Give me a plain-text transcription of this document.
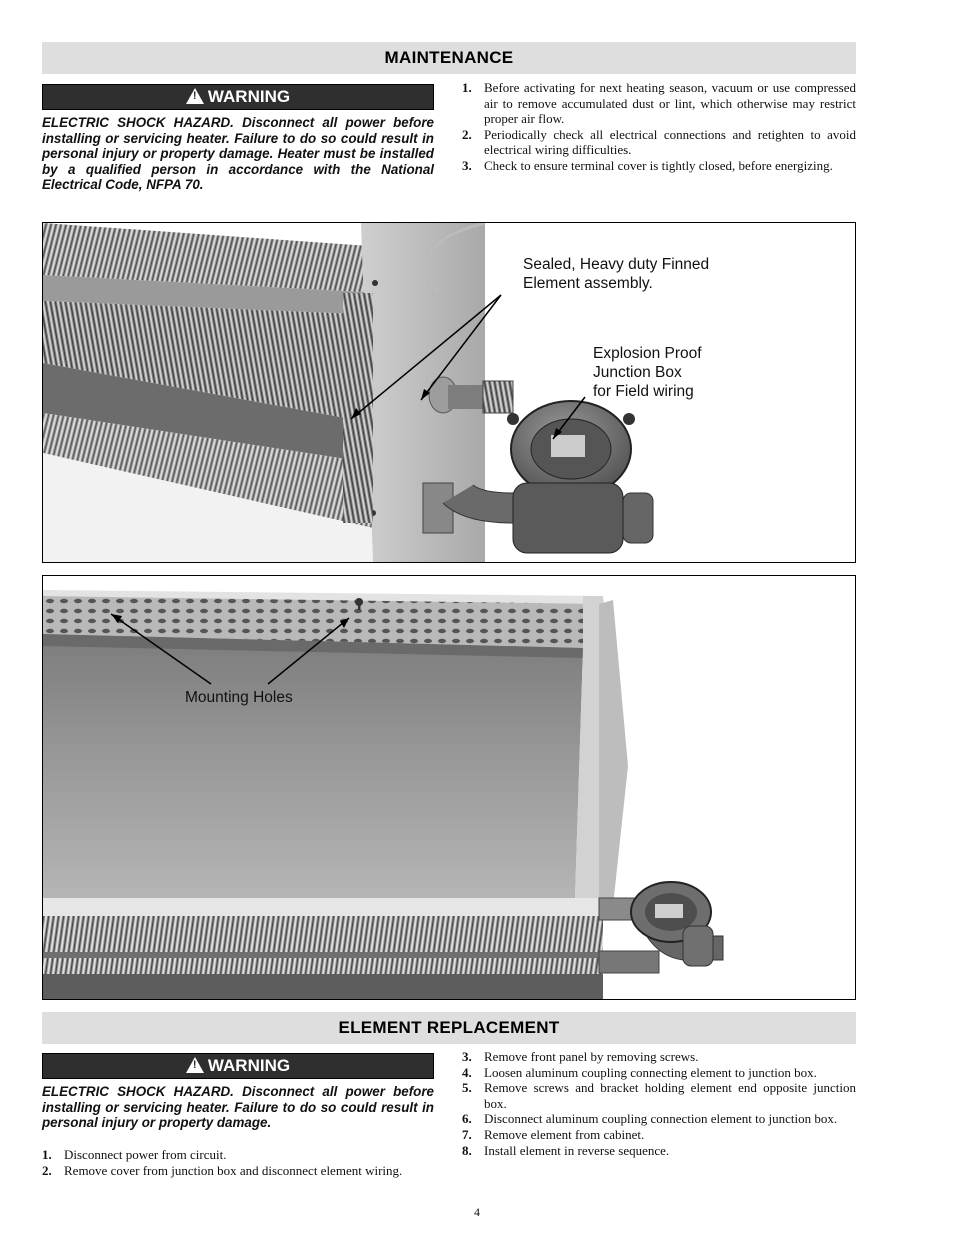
MAINTENANCE
!
WARNING

ELECTRIC SHOCK HAZARD. Disconnect all power before installing or servicing heater. Failure to do so could result in personal injury or property damage. Heater must be installed by a qualified person in accordance with the National Electrical Code, NFPA 70.

1. Before activating for next heating season, vacuum or use compressed air to remove accumulated dust or lint, which otherwise may restrict proper air flow.
2. Periodically check all electrical connections and retighten to avoid electrical wiring difficulties.
3. Check to ensure terminal cover is tightly closed, before energizing.
Sealed, Heavy duty Finned
Element assembly.
Explosion Proof
Junction Box
for Field wiring
Mounting Holes
ELEMENT REPLACEMENT
!
WARNING

ELECTRIC SHOCK HAZARD. Disconnect all power before installing or servicing heater. Failure to do so could result in personal injury or property damage.

1. Disconnect power from circuit.
2. Remove cover from junction box and disconnect element wiring.
3. Remove front panel by removing screws.
4. Loosen aluminum coupling connecting element to junction box.
5. Remove screws and bracket holding element end opposite junction box.
6. Disconnect aluminum coupling connection element to junction box.
7. Remove element from cabinet.
8. Install element in reverse sequence.
4
